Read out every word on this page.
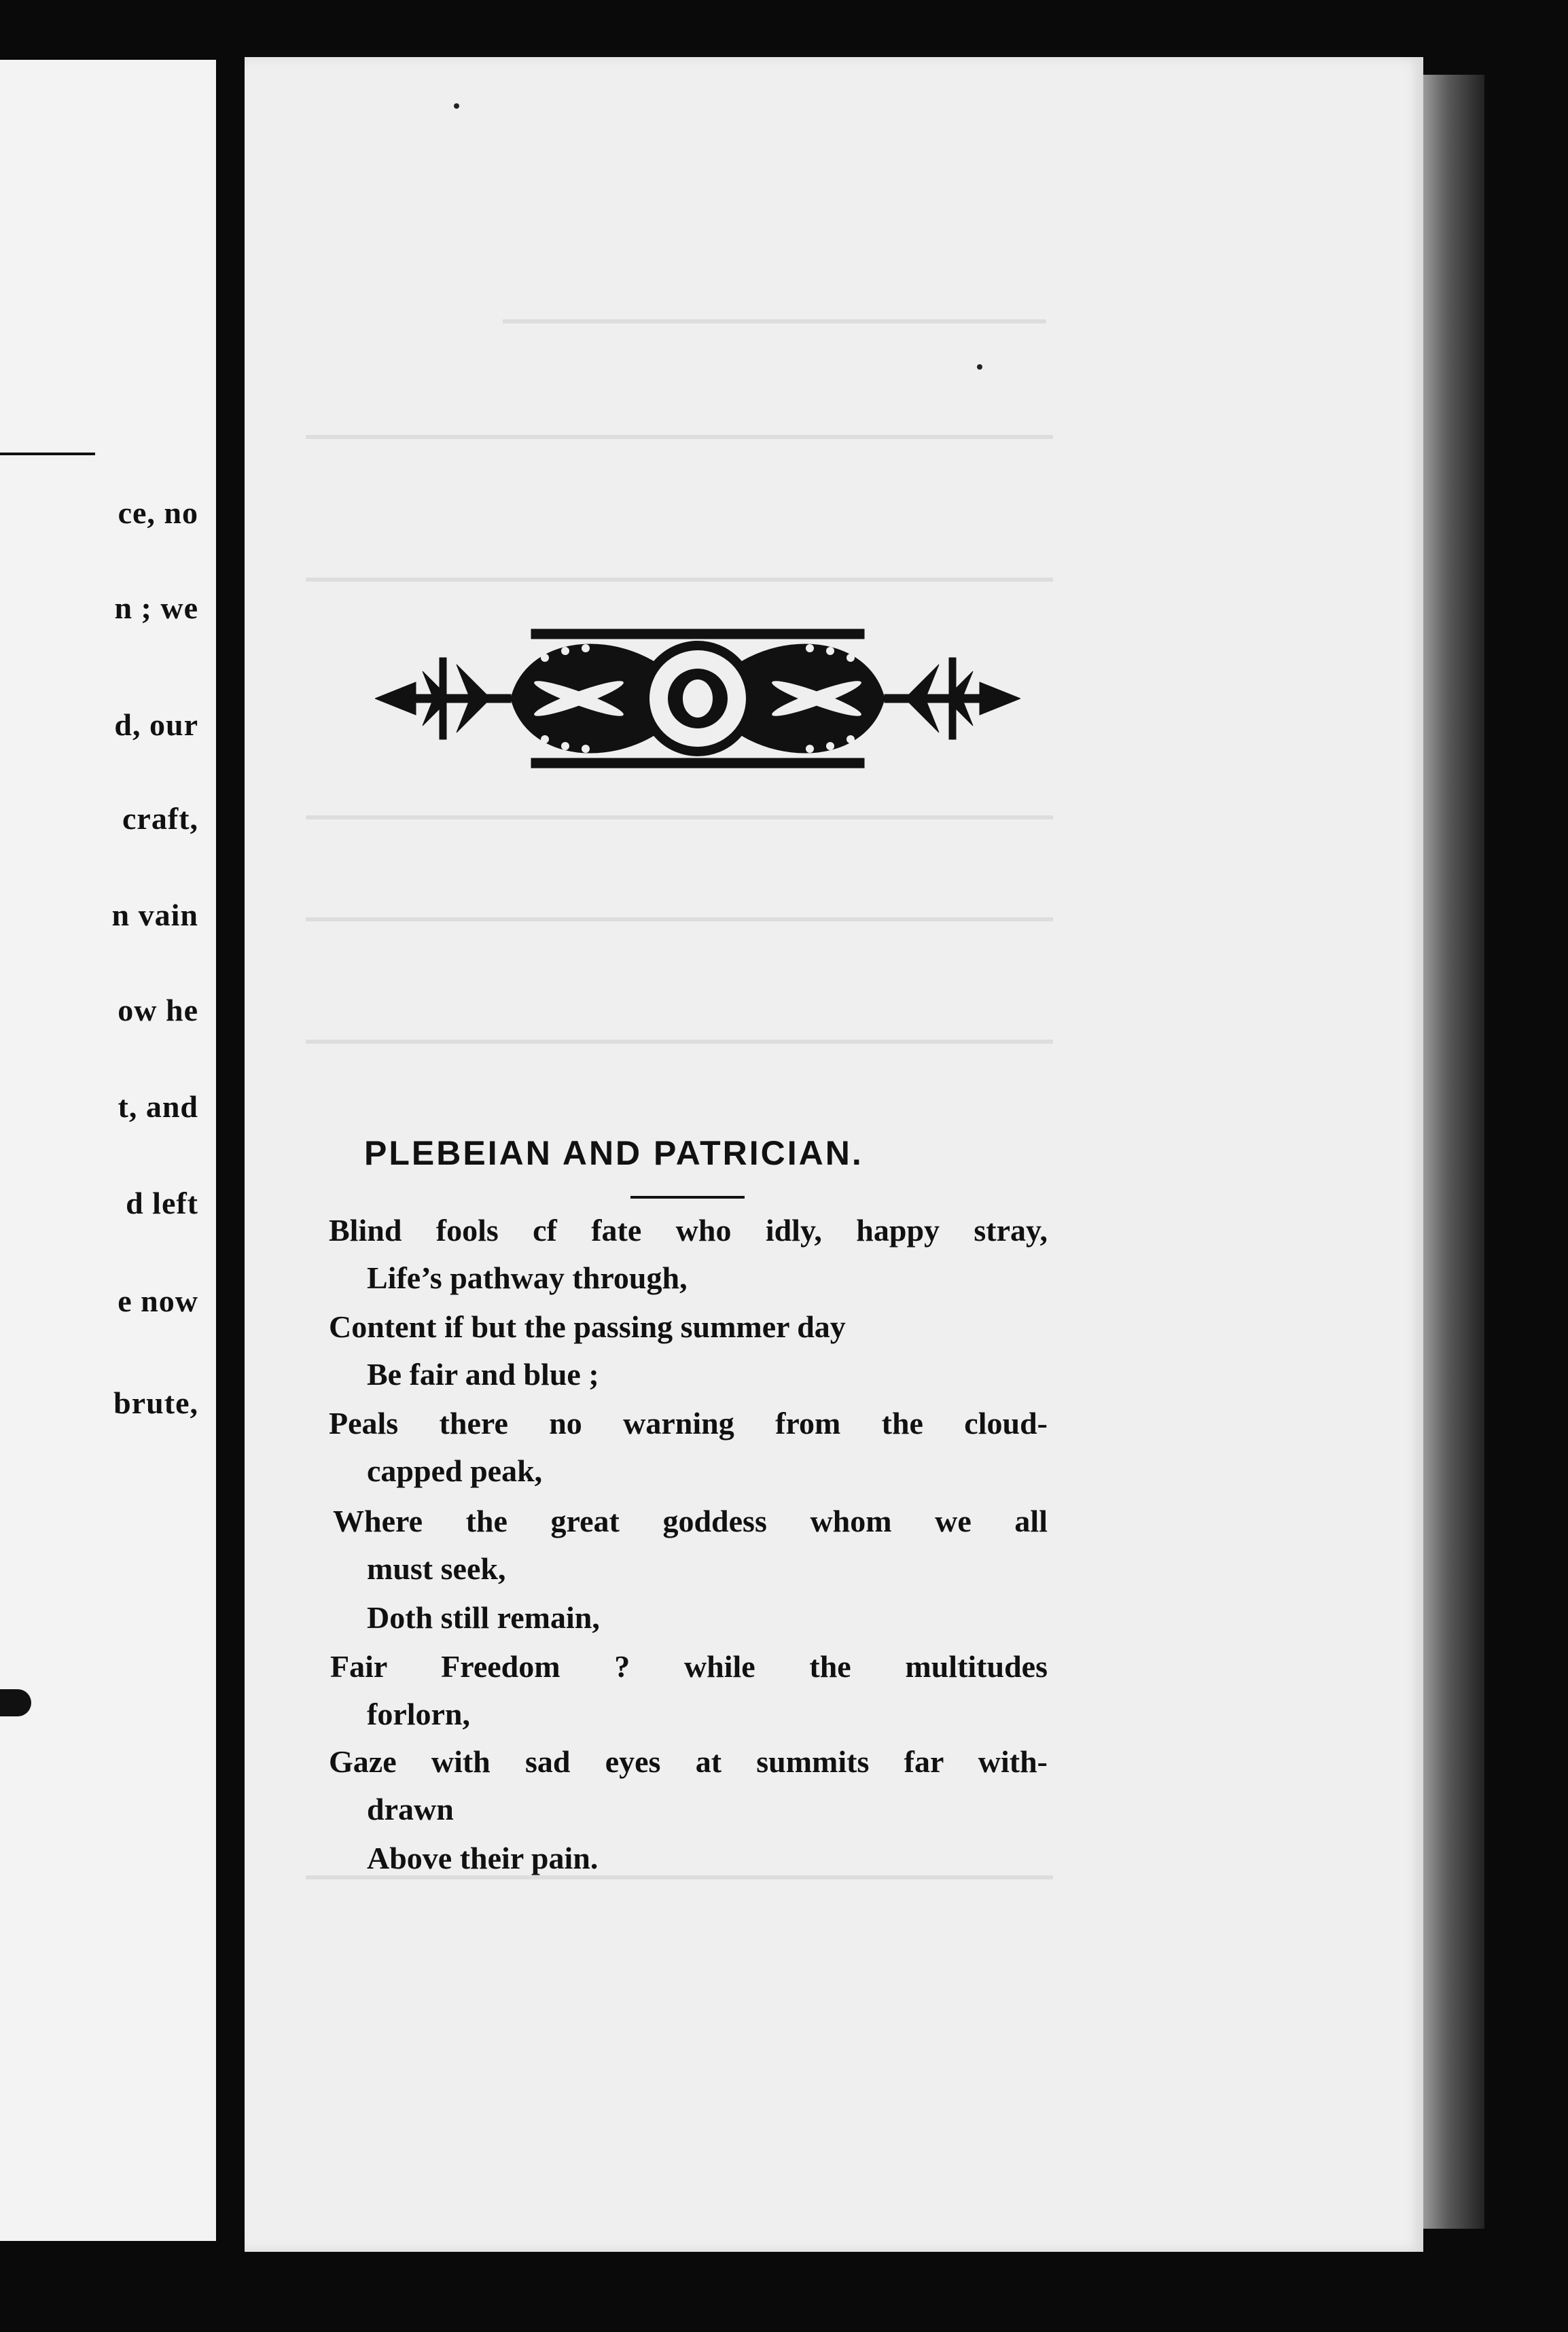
ce, no
n ; we
d, our
craft,
n vain
ow he
t, and
d left
e now
brute,
PLEBEIAN AND PATRICIAN.

Blind fools cf fate who idly, happy stray,

Life’s pathway through,

Content if but the passing summer day

Be fair and blue ;

Peals there no warning from the cloud-

capped peak,

Where the great goddess whom we all

must seek,

Doth still remain,

Fair Freedom ? while the multitudes

forlorn,

Gaze with sad eyes at summits far with-

drawn

Above their pain.
